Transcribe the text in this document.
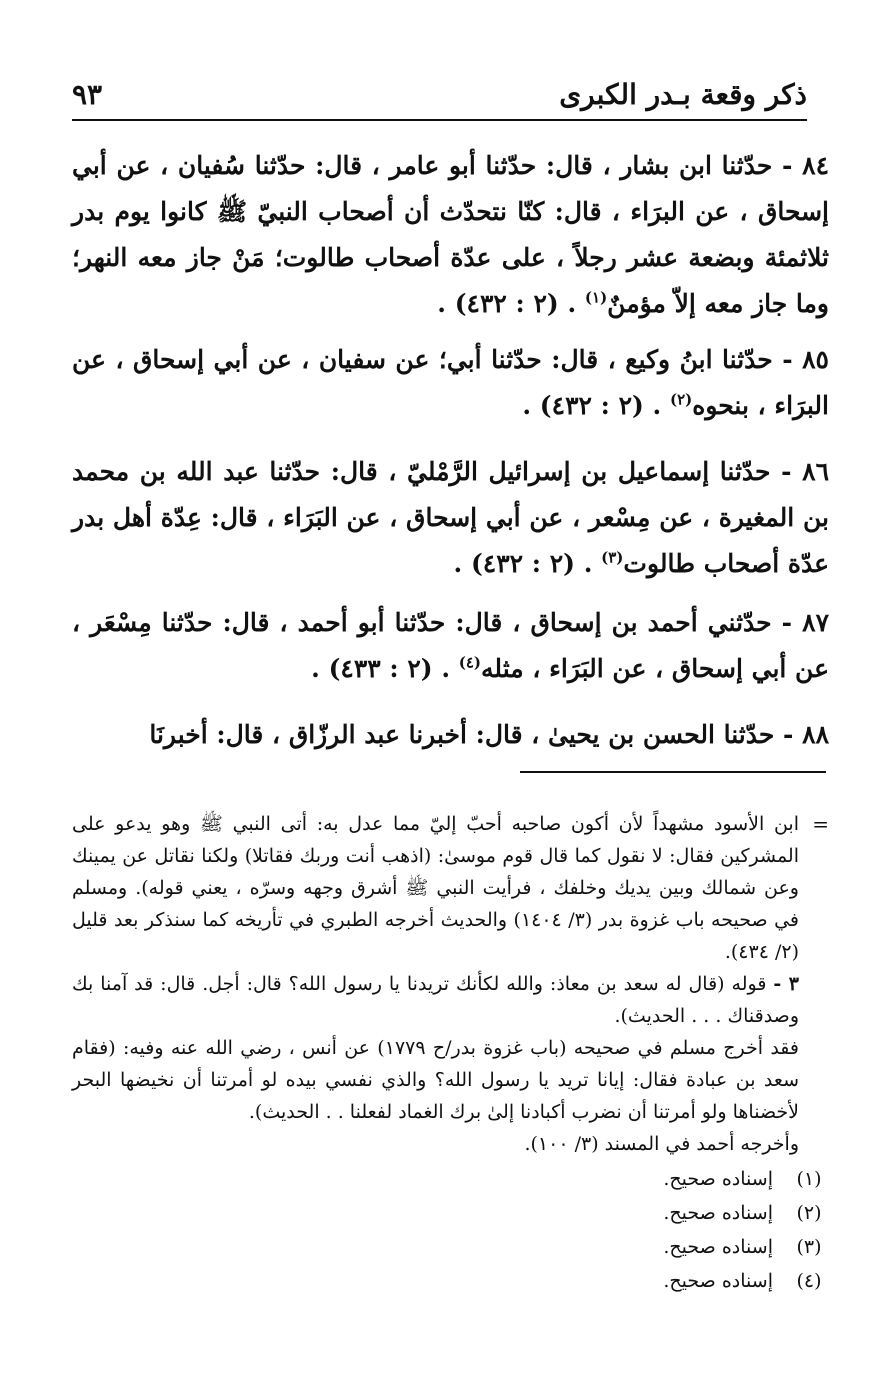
ذكر وقعة بـدر الكبرى
٩٣
٨٤ - حدّثنا ابن بشار ، قال: حدّثنا أبو عامر ، قال: حدّثنا سُفيان ، عن أبي إسحاق ، عن البرَاء ، قال: كنّا نتحدّث أن أصحاب النبيّ ﷺ كانوا يوم بدر ثلاثمئة وبضعة عشر رجلاً ، على عدّة أصحاب طالوت؛ مَنْ جاز معه النهر؛ وما جاز معه إلاّ مؤمنٌ$^{(١)}$ . (٢ : ٤٣٢) .
٨٥ - حدّثنا ابنُ وكيع ، قال: حدّثنا أبي؛ عن سفيان ، عن أبي إسحاق ، عن البرَاء ، بنحوه$^{(٢)}$ . (٢ : ٤٣٢) .
٨٦ - حدّثنا إسماعيل بن إسرائيل الرَّمْليّ ، قال: حدّثنا عبد الله بن محمد بن المغيرة ، عن مِسْعر ، عن أبي إسحاق ، عن البَرَاء ، قال: عِدّة أهل بدر عدّة أصحاب طالوت$^{(٣)}$ . (٢ : ٤٣٢) .
٨٧ - حدّثني أحمد بن إسحاق ، قال: حدّثنا أبو أحمد ، قال: حدّثنا مِسْعَر ، عن أبي إسحاق ، عن البَرَاء ، مثله$^{(٤)}$ . (٢ : ٤٣٣) .
٨٨ - حدّثنا الحسن بن يحيىٰ ، قال: أخبرنا عبد الرزّاق ، قال: أخبرنَا
=
ابن الأسود مشهداً لأن أكون صاحبه أحبّ إليّ مما عدل به: أتى النبي ﷺ وهو يدعو على المشركين فقال: لا نقول كما قال قوم موسىٰ: (اذهب أنت وربك فقاتلا) ولكنا نقاتل عن يمينك وعن شمالك وبين يديك وخلفك ، فرأيت النبي ﷺ أشرق وجهه وسرّه ، يعني قوله). ومسلم في صحيحه باب غزوة بدر (٣/ ١٤٠٤) والحديث أخرجه الطبري في تأريخه كما سنذكر بعد قليل (٢/ ٤٣٤).
٣ - قوله (قال له سعد بن معاذ: والله لكأنك تريدنا يا رسول الله؟ قال: أجل. قال: قد آمنا بك وصدقناك . . . الحديث).
فقد أخرج مسلم في صحيحه (باب غزوة بدر/ح ١٧٧٩) عن أنس ، رضي الله عنه وفيه: (فقام سعد بن عبادة فقال: إيانا تريد يا رسول الله؟ والذي نفسي بيده لو أمرتنا أن نخيضها البحر لأخضناها ولو أمرتنا أن نضرب أكبادنا إلىٰ برك الغماد لفعلنا . . الحديث).
وأخرجه أحمد في المسند (٣/ ١٠٠).
(١)
إسناده صحيح.
(٢)
إسناده صحيح.
(٣)
إسناده صحيح.
(٤)
إسناده صحيح.
